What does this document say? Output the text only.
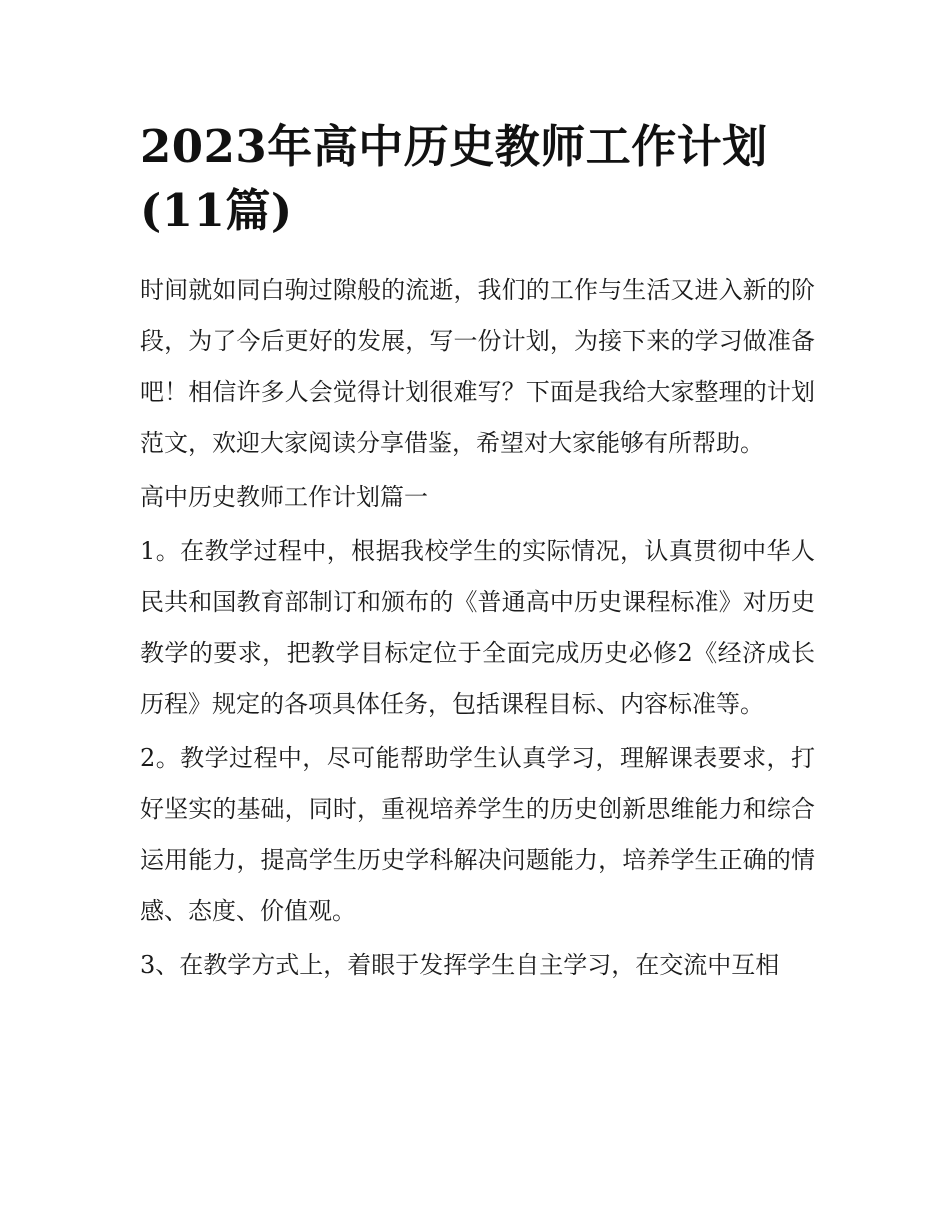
2023年高中历史教师工作计划
(11篇)

时间就如同白驹过隙般的流逝，我们的工作与生活又进入新的阶段，为了今后更好的发展，写一份计划，为接下来的学习做准备吧！相信许多人会觉得计划很难写？下面是我给大家整理的计划范文，欢迎大家阅读分享借鉴，希望对大家能够有所帮助。

高中历史教师工作计划篇一

1。在教学过程中，根据我校学生的实际情况，认真贯彻中华人民共和国教育部制订和颁布的《普通高中历史课程标准》对历史教学的要求，把教学目标定位于全面完成历史必修2《经济成长历程》规定的各项具体任务，包括课程目标、内容标准等。

2。教学过程中，尽可能帮助学生认真学习，理解课表要求，打好坚实的基础，同时，重视培养学生的历史创新思维能力和综合运用能力，提高学生历史学科解决问题能力，培养学生正确的情感、态度、价值观。

3、在教学方式上，着眼于发挥学生自主学习，在交流中互相
